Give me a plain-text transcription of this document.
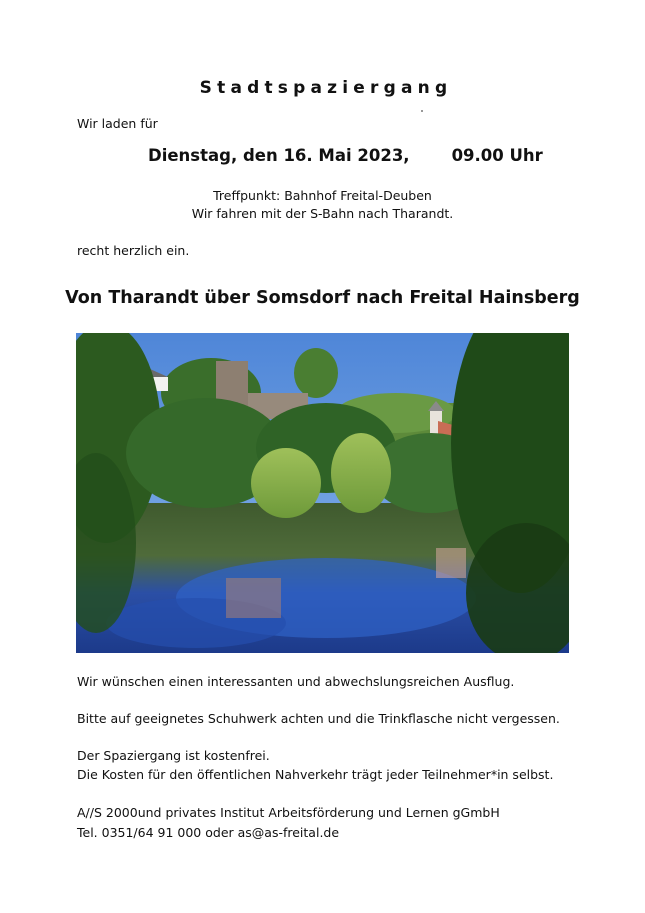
Stadtspaziergang
Wir laden für
Dienstag, den 16. Mai 2023,	09.00 Uhr
Treffpunkt: Bahnhof Freital-Deuben
Wir fahren mit der S-Bahn nach Tharandt.
recht herzlich ein.
Von Tharandt über Somsdorf nach Freital Hainsberg
Wir wünschen einen interessanten und abwechslungsreichen Ausflug.
Bitte auf geeignetes Schuhwerk achten und die Trinkflasche nicht vergessen.
Der Spaziergang ist kostenfrei.
Die Kosten für den öffentlichen Nahverkehr trägt jeder Teilnehmer*in selbst.
A//S 2000und privates Institut Arbeitsförderung und Lernen gGmbH
Tel. 0351/64 91 000 oder as@as-freital.de
